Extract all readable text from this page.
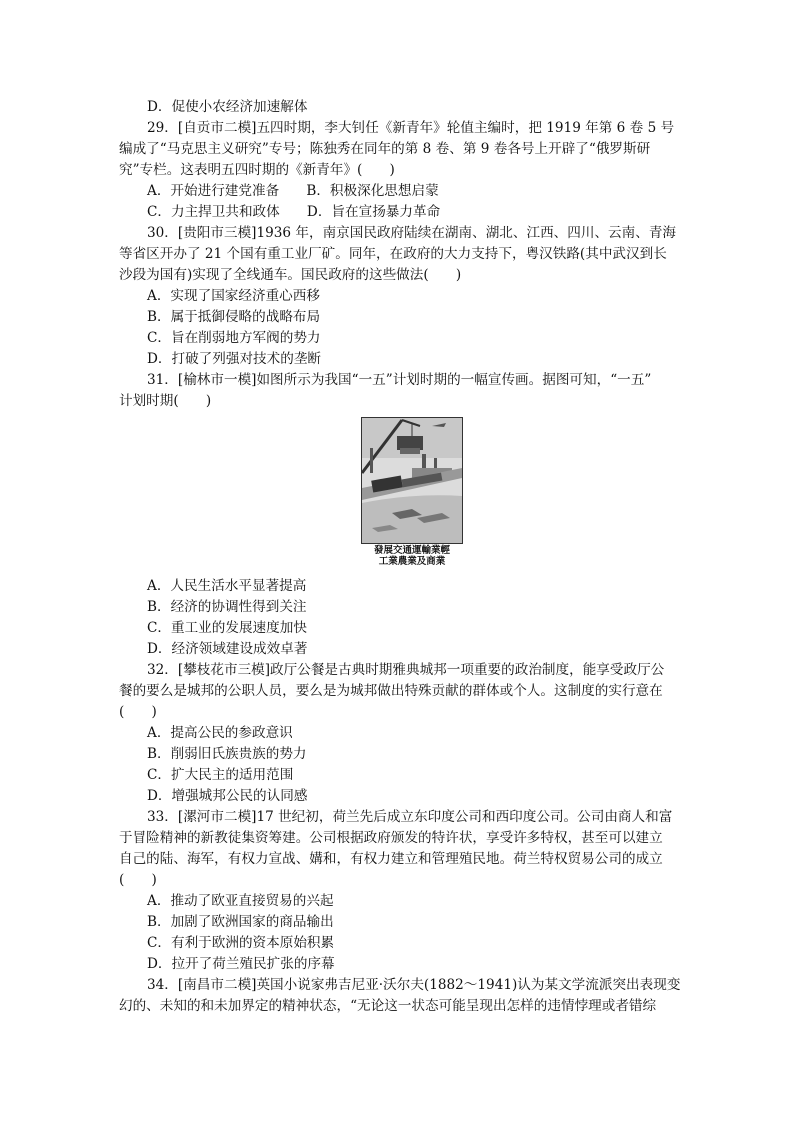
D．促使小农经济加速解体
29．[自贡市二模]五四时期，李大钊任《新青年》轮值主编时，把 1919 年第 6 卷 5 号
编成了“马克思主义研究”专号；陈独秀在同年的第 8 卷、第 9 卷各号上开辟了“俄罗斯研
究”专栏。这表明五四时期的《新青年》(　　)
A．开始进行建党准备　　B．积极深化思想启蒙
C．力主捍卫共和政体　　D．旨在宣扬暴力革命
30．[贵阳市三模]1936 年，南京国民政府陆续在湖南、湖北、江西、四川、云南、青海
等省区开办了 21 个国有重工业厂矿。同年，在政府的大力支持下，粤汉铁路(其中武汉到长
沙段为国有)实现了全线通车。国民政府的这些做法(　　)
A．实现了国家经济重心西移
B．属于抵御侵略的战略布局
C．旨在削弱地方军阀的势力
D．打破了列强对技术的垄断
31．[榆林市一模]如图所示为我国“一五”计划时期的一幅宣传画。据图可知，“一五”
计划时期(　　)
發展交通運輸業輕
工業農業及商業
A．人民生活水平显著提高
B．经济的协调性得到关注
C．重工业的发展速度加快
D．经济领域建设成效卓著
32．[攀枝花市三模]政厅公餐是古典时期雅典城邦一项重要的政治制度，能享受政厅公
餐的要么是城邦的公职人员，要么是为城邦做出特殊贡献的群体或个人。这制度的实行意在
(　　)
A．提高公民的参政意识
B．削弱旧氏族贵族的势力
C．扩大民主的适用范围
D．增强城邦公民的认同感
33．[漯河市二模]17 世纪初，荷兰先后成立东印度公司和西印度公司。公司由商人和富
于冒险精神的新教徒集资筹建。公司根据政府颁发的特许状，享受许多特权，甚至可以建立
自己的陆、海军，有权力宣战、媾和，有权力建立和管理殖民地。荷兰特权贸易公司的成立
(　　)
A．推动了欧亚直接贸易的兴起
B．加剧了欧洲国家的商品输出
C．有利于欧洲的资本原始积累
D．拉开了荷兰殖民扩张的序幕
34．[南昌市二模]英国小说家弗吉尼亚·沃尔夫(1882～1941)认为某文学流派突出表现变
幻的、未知的和未加界定的精神状态，“无论这一状态可能呈现出怎样的违情悖理或者错综
